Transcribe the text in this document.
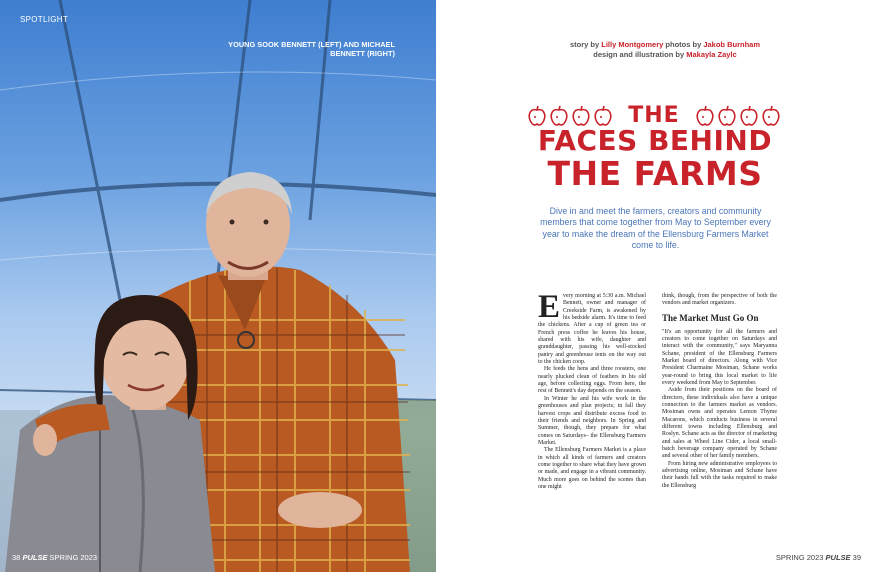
SPOTLIGHT
YOUNG SOOK BENNETT (LEFT) AND MICHAEL BENNETT (RIGHT)
38 PULSE SPRING 2023
story by Lilly Montgomery photos by Jakob Burnham
design and illustration by Makayla Zaylc
THE
FACES BEHIND
THE FARMS
Dive in and meet the farmers, creators and community members that come together from May to September every year to make the dream of the Ellensburg Farmers Market come to life.
E very morning at 5:30 a.m. Michael Bennett, owner and manager of Creekside Farm, is awakened by his bedside alarm. It's time to feed the chickens. After a cup of green tea or French press coffee he leaves his house, shared with his wife, daughter and granddaughter, passing his well-stocked pantry and greenhouse tents on the way out to the chicken coop.

He feeds the hens and three roosters, one nearly plucked clean of feathers in his old age, before collecting eggs. From here, the rest of Bennett's day depends on the season.

In Winter he and his wife work in the greenhouses and plan projects; in fall they harvest crops and distribute excess food to their friends and neighbors. In Spring and Summer, though, they prepare for what comes on Saturdays– the Ellensburg Farmers Market.

The Ellensburg Farmers Market is a place in which all kinds of farmers and creators come together to share what they have grown or made, and engage in a vibrant community. Much more goes on behind the scenes than one might

think, though, from the perspective of both the vendors and market organizers.

The Market Must Go On

"It's an opportunity for all the farmers and creators to come together on Saturdays and interact with the community," says Maryanna Schane, president of the Ellensburg Farmers Market board of directors. Along with Vice President Charmaine Mosiman, Schane works year-round to bring this local market to life every weekend from May to September.

Aside from their positions on the board of directors, these individuals also have a unique connection to the farmers market as vendors. Mosiman owns and operates Lemon Thyme Macarons, which conducts business in several different towns including Ellensburg and Roslyn. Schane acts as the director of marketing and sales at Wheel Line Cider, a local small-batch beverage company operated by Schane and several other of her family members.

From hiring new administrative employees to advertising online, Mosiman and Schane have their hands full with the tasks required to make the Ellensburg

SPRING 2023 PULSE 39
